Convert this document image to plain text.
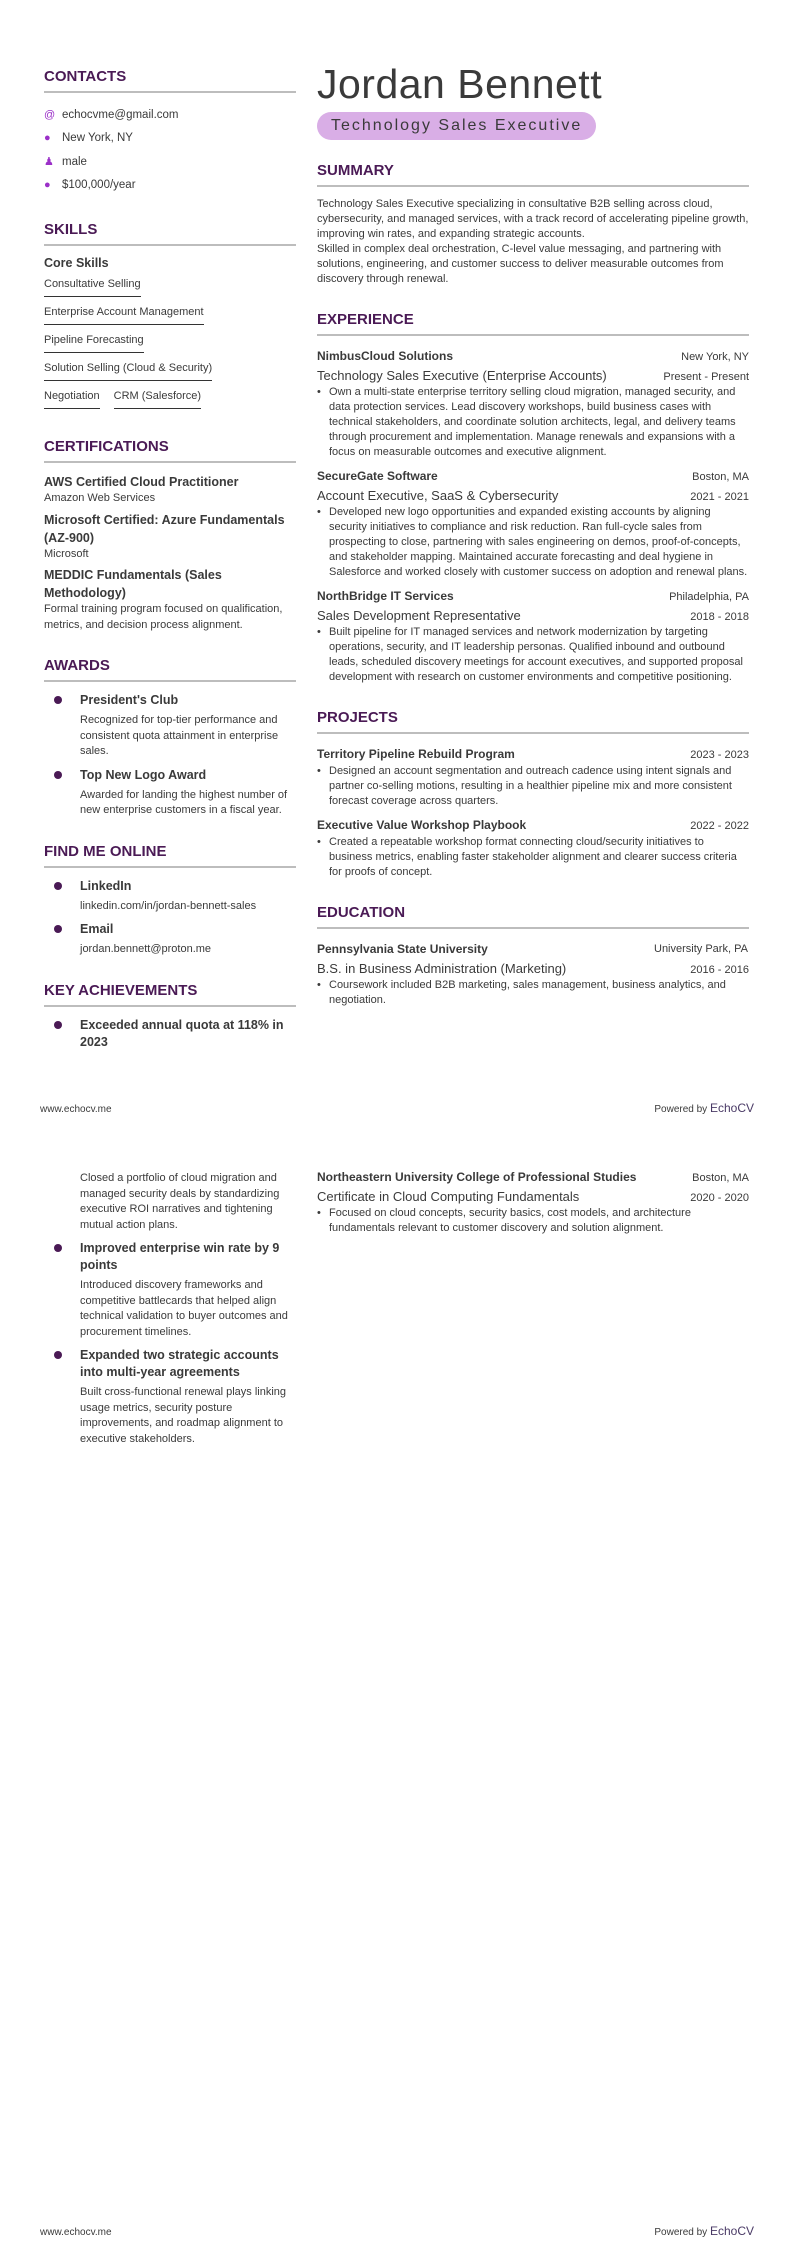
CONTACTS
@ echocvme@gmail.com
● New York, NY
♟ male
● $100,000/year
SKILLS
Core Skills
Consultative Selling
Enterprise Account Management
Pipeline Forecasting
Solution Selling (Cloud & Security)
Negotiation CRM (Salesforce)
CERTIFICATIONS
AWS Certified Cloud Practitioner
Amazon Web Services
Microsoft Certified: Azure Fundamentals (AZ-900)
Microsoft
MEDDIC Fundamentals (Sales Methodology)
Formal training program focused on qualification, metrics, and decision process alignment.
AWARDS
President's Club
Recognized for top-tier performance and consistent quota attainment in enterprise sales.
Top New Logo Award
Awarded for landing the highest number of new enterprise customers in a fiscal year.
FIND ME ONLINE
LinkedIn
linkedin.com/in/jordan-bennett-sales
Email
jordan.bennett@proton.me
KEY ACHIEVEMENTS
Exceeded annual quota at 118% in 2023
Jordan Bennett
Technology Sales Executive
SUMMARY

Technology Sales Executive specializing in consultative B2B selling across cloud, cybersecurity, and managed services, with a track record of accelerating pipeline growth, improving win rates, and expanding strategic accounts.

Skilled in complex deal orchestration, C-level value messaging, and partnering with solutions, engineering, and customer success to deliver measurable outcomes from discovery through renewal.

EXPERIENCE
NimbusCloud Solutions	New York, NY
Technology Sales Executive (Enterprise Accounts)	Present - Present
• Own a multi-state enterprise territory selling cloud migration, managed security, and data protection services. Lead discovery workshops, build business cases with technical stakeholders, and coordinate solution architects, legal, and delivery teams through procurement and implementation. Manage renewals and expansions with a focus on measurable outcomes and executive alignment.
SecureGate Software	Boston, MA
Account Executive, SaaS & Cybersecurity	2021 - 2021
• Developed new logo opportunities and expanded existing accounts by aligning security initiatives to compliance and risk reduction. Ran full-cycle sales from prospecting to close, partnering with sales engineering on demos, proof-of-concepts, and stakeholder mapping. Maintained accurate forecasting and deal hygiene in Salesforce and worked closely with customer success on adoption and renewal plans.
NorthBridge IT Services	Philadelphia, PA
Sales Development Representative	2018 - 2018
• Built pipeline for IT managed services and network modernization by targeting operations, security, and IT leadership personas. Qualified inbound and outbound leads, scheduled discovery meetings for account executives, and supported proposal development with research on customer environments and competitive positioning.
PROJECTS
Territory Pipeline Rebuild Program	2023 - 2023
• Designed an account segmentation and outreach cadence using intent signals and partner co-selling motions, resulting in a healthier pipeline mix and more consistent forecast coverage across quarters.
Executive Value Workshop Playbook	2022 - 2022
• Created a repeatable workshop format connecting cloud/security initiatives to business metrics, enabling faster stakeholder alignment and clearer success criteria for proofs of concept.
EDUCATION
Pennsylvania State University	University Park, PA
B.S. in Business Administration (Marketing)	2016 - 2016
• Coursework included B2B marketing, sales management, business analytics, and negotiation.
www.echocv.me	Powered by EchoCV
Closed a portfolio of cloud migration and managed security deals by standardizing executive ROI narratives and tightening mutual action plans.
Improved enterprise win rate by 9 points
Introduced discovery frameworks and competitive battlecards that helped align technical validation to buyer outcomes and procurement timelines.
Expanded two strategic accounts into multi-year agreements
Built cross-functional renewal plays linking usage metrics, security posture improvements, and roadmap alignment to executive stakeholders.
Northeastern University College of Professional Studies	Boston, MA
Certificate in Cloud Computing Fundamentals	2020 - 2020
• Focused on cloud concepts, security basics, cost models, and architecture fundamentals relevant to customer discovery and solution alignment.
www.echocv.me	Powered by EchoCV
